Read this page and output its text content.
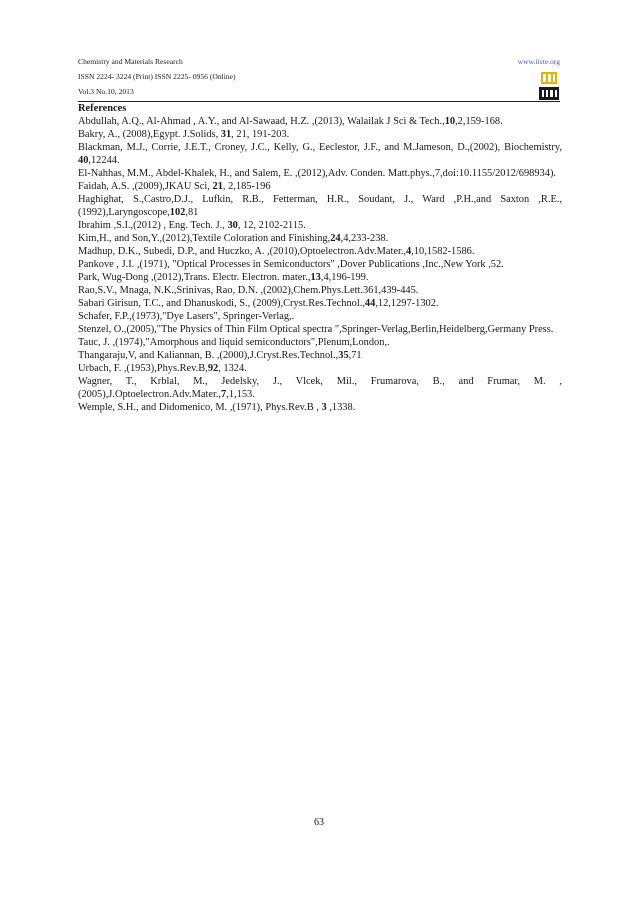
Chemistry and Materials Research
ISSN 2224- 3224 (Print) ISSN 2225- 0956 (Online)
Vol.3 No.10, 2013
www.iiste.org
References
Abdullah, A.Q., Al-Ahmad , A.Y., and Al-Sawaad, H.Z. ,(2013), Walailak J Sci & Tech.,10,2,159-168.
Bakry, A., (2008),Egypt. J.Solids, 31, 21, 191-203.
Blackman, M.J., Corrie, J.E.T., Croney, J.C., Kelly, G., Eeclestor, J.F., and M.Jameson, D.,(2002), Biochemistry, 40,12244.
El-Nahhas, M.M., Abdel-Khalek, H., and Salem, E. ,(2012),Adv. Conden. Matt.phys.,7,doi:10.1155/2012/698934).
Faidah, A.S. ,(2009),JKAU Sci, 21, 2,185-196
Haghighat, S.,Castro,D.J., Lufkin, R.B., Fetterman, H.R., Soudant, J., Ward ,P.H.,and Saxton ,R.E., (1992),Laryngoscope,102,81
Ibrahim ,S.I.,(2012) , Eng. Tech. J., 30, 12, 2102-2115.
Kim,H., and Son,Y.,(2012),Textile Coloration and Finishing,24,4,233-238.
Madhup, D.K., Subedi, D.P., and Huczko, A. ,(2010),Optoelectron.Adv.Mater.,4,10,1582-1586.
Pankove , J.I. ,(1971), "Optical Processes in Semiconductors" ,Dover Publications ,Inc.,New York ,52.
Park, Wug-Dong ,(2012),Trans. Electr. Electron. mater.,13,4,196-199.
Rao,S.V., Mnaga, N.K.,Srinivas, Rao, D.N. ,(2002),Chem.Phys.Lett.361,439-445.
Sabari Girisun, T.C., and Dhanuskodi, S., (2009),Cryst.Res.Technol.,44,12,1297-1302.
Schafer, F.P.,(1973),"Dye Lasers", Springer-Verlag,.
Stenzel, O.,(2005),"The Physics of Thin Film Optical spectra ",Springer-Verlag,Berlin,Heidelberg,Germany Press.
Tauc, J. ,(1974),"Amorphous and liquid semiconductors",Plenum,London,.
Thangaraju,V, and Kaliannan, B. ,(2000),J.Cryst.Res.Technol.,35,71
Urbach, F. ,(1953),Phys.Rev.B,92, 1324.
Wagner, T., Krblal, M., Jedelsky, J., Vlcek, Mil., Frumarova, B., and Frumar, M. ,(2005),J.Optoelectron.Adv.Mater.,7,1,153.
Wemple, S.H., and Didomenico, M. ,(1971), Phys.Rev.B , 3 ,1338.
63
